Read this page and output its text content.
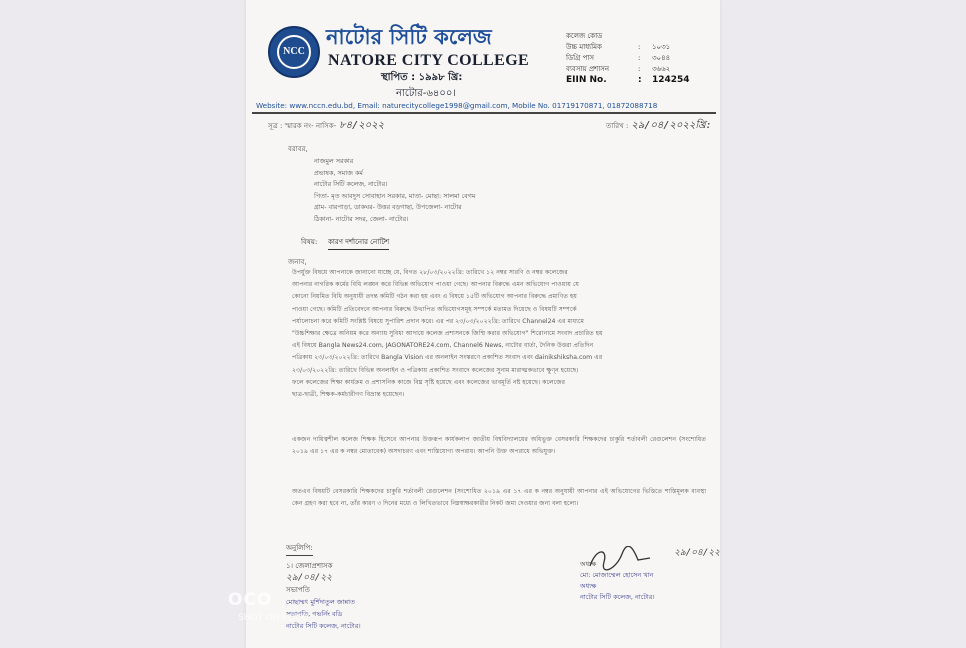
NCC
নাটোর সিটি কলেজ
NATORE CITY COLLEGE
স্থাপিত : ১৯৯৮ খ্রি:
নাটোর-৬৪০০।
কলেজ কোড
উচ্চ মাধ্যমিক	:	১০৩১
ডিগ্রি পাস	:	৩০৪৪
ব্যবসায় প্রশাসন	:	৩৬৬২
EIIN No.	:	124254
Website: www.nccn.edu.bd, Email: naturecitycollege1998@gmail.com, Mobile No. 01719170871, 01872088718
সূত্র : স্মারক নং- নাসিক- ৮৪/২০২২	তারিখ : ২৯/০৪/২০২২খ্রি:
বরাবর,
নাজমুল সরকার
প্রভাষক, সমাজ কর্ম
নাটোর সিটি কলেজ, নাটোর।
পিতা- মৃত আবদুস সোবাহান সরকার, মাতা- মোছা: সালমা বেগম
গ্রাম- বারপাড়া, ডাকঘর- উত্তর বড়গাছা, উপজেলা- নাটোর
ঠিকানা- নাটোর সদর, জেলা- নাটোর।
বিষয়: কারণ দর্শানোর নোটিশ
জনাব,
উপর্যুক্ত বিষয়ে আপনাকে জানানো যাচ্ছে যে, বিগত ২৮/০৩/২০২২খ্রি: তারিখে ১২ নম্বর সারণি ও নম্বর কলেজের
আপনার নাগরিক কর্মের বিধি লঙ্ঘন করে বিভিন্ন অভিযোগ পাওয়া গেছে। আপনার বিরুদ্ধে এমন অভিযোগ পাওয়ায় যে
কোনো নিয়মিত বিধি অনুযায়ী তদন্ত কমিটি গঠন করা হয় এবং এ বিষয়ে ১৫টি অভিযোগ আপনার বিরুদ্ধে প্রমাণিত হয়
পাওয়া গেছে। কমিটি প্রতিবেদনে আপনার বিরুদ্ধে উত্থাপিত অভিযোগসমূহ সম্পর্কে মতামত দিয়েছে ও বিষয়টি সম্পর্কে
পর্যালোচনা করে কমিটি সংশ্লিষ্ট বিষয়ে সুপারিশ প্রদান করে। এর পর ২৩/০৩/২০২২খ্রি: তারিখে Channel24 এর মাধ্যমে
"উচ্চশিক্ষার ক্ষেত্রে অনিয়ম করে অন্যায় সুবিধা আদায়ে কলেজ প্রশাসনকে জিম্মি করার অভিযোগ" শিরোনামে সংবাদ প্রচারিত হয়
এই বিষয়ে Bangla News24.com, JAGONATORE24.com, Channel6 News, নাটোর বার্তা, দৈনিক উত্তরা প্রতিদিন
পত্রিকায় ২৩/০৩/২০২২খ্রি: তারিখে Bangla Vision এর অনলাইন সংস্করণে প্রকাশিত সংবাদ এবং dainikshiksha.com এর
২৩/০৩/২০২২খ্রি: তারিখে বিভিন্ন অনলাইন ও পত্রিকায় প্রকাশিত সংবাদে কলেজের সুনাম মারাত্মকভাবে ক্ষুণ্ন হয়েছে।
ফলে কলেজের শিক্ষা কার্যক্রম ও প্রশাসনিক কাজে বিঘ্ন সৃষ্টি হয়েছে এবং কলেজের ভাবমূর্তি নষ্ট হয়েছে। কলেজের
ছাত্র-ছাত্রী, শিক্ষক-কর্মচারীগণ বিভ্রান্ত হয়েছেন।
একজন দায়িত্বশীল কলেজ শিক্ষক হিসেবে আপনার উক্তরূপ কার্যকলাপ জাতীয় বিশ্ববিদ্যালয়ের অধিভুক্ত বেসরকারি শিক্ষকদের চাকুরি শর্তাবলী রেগুলেশন (সংশোধিত ২০১৯ এর ১৭ এর ক নম্বর মোতাবেক) অসদাচরণ এবং শাস্তিযোগ্য অপরাধ। আপনি উক্ত অপরাধে অভিযুক্ত।
অতএব বিষয়টি বেসরকারি শিক্ষকদের চাকুরি শর্তাবলী রেগুলেশন (সংশোধিত ২০১৯ এর ১৭ এর ক নম্বর অনুযায়ী আপনার এই অভিযোগের ভিত্তিতে শাস্তিমূলক ব্যবস্থা কেন গ্রহণ করা হবে না, তাঁর কারণ ৩ দিনের মধ্যে ও লিখিতভাবে নিম্নস্বাক্ষরকারীর নিকট জমা দেওয়ার জন্য বলা হলো।
অনুলিপি:
১। জেলাপ্রশাসক
২৯/০৪/২২
সভাপতি
মোছাম্মৎ মুর্শিদাতুল জান্নাত
সভাপতি, গভর্নিং বডি
নাটোর সিটি কলেজ, নাটোর।
২৯/০৪/২২
অধ্যক্ষ
মো: মোজাম্মেল হোসেন খান
অধ্যক্ষ
নাটোর সিটি কলেজ, নাটোর।
OCO
SHOT ON POCO
